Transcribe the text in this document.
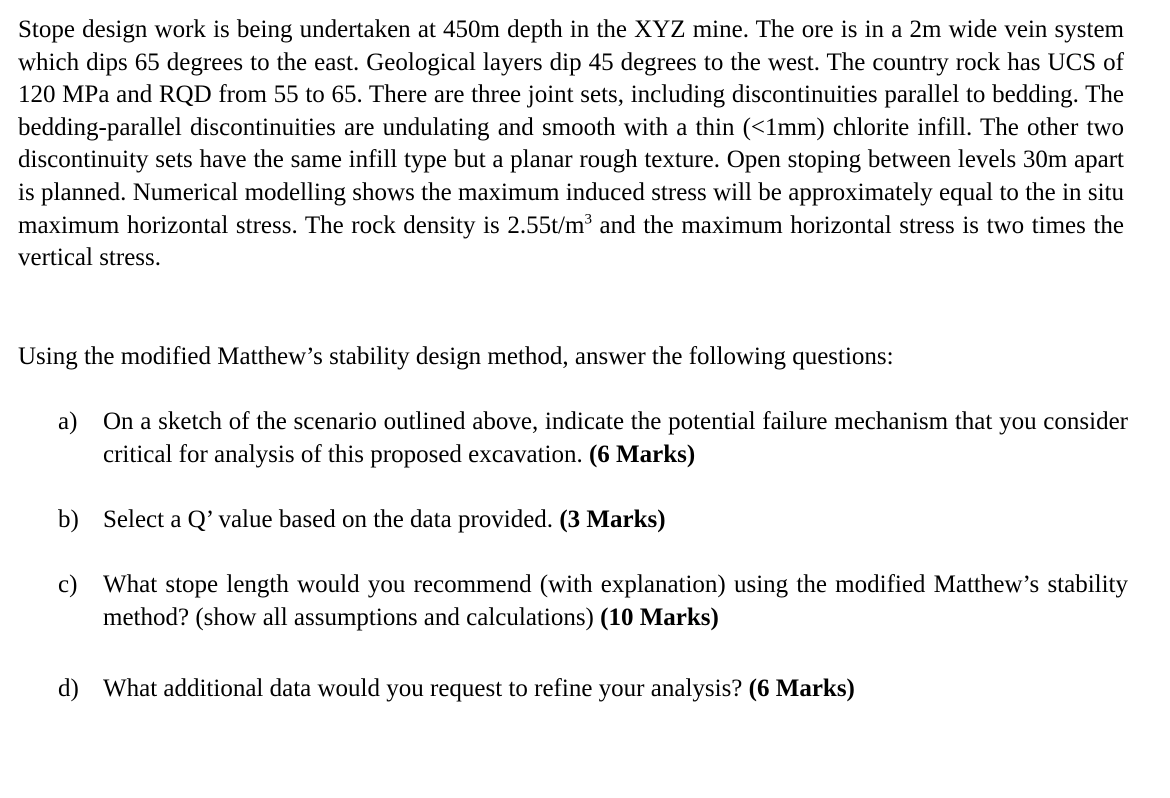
Stope design work is being undertaken at 450m depth in the XYZ mine. The ore is in a 2m wide vein system which dips 65 degrees to the east. Geological layers dip 45 degrees to the west. The country rock has UCS of 120 MPa and RQD from 55 to 65. There are three joint sets, including discontinuities parallel to bedding. The bedding-parallel discontinuities are undulating and smooth with a thin (<1mm) chlorite infill. The other two discontinuity sets have the same infill type but a planar rough texture. Open stoping between levels 30m apart is planned. Numerical modelling shows the maximum induced stress will be approximately equal to the in situ maximum horizontal stress. The rock density is $2.55t/m^3$ and the maximum horizontal stress is two times the vertical stress.
Using the modified Matthew’s stability design method, answer the following questions:
a) On a sketch of the scenario outlined above, indicate the potential failure mechanism that you consider critical for analysis of this proposed excavation. (6 Marks)
b) Select a Q’ value based on the data provided. (3 Marks)
c) What stope length would you recommend (with explanation) using the modified Matthew’s stability method? (show all assumptions and calculations) (10 Marks)
d) What additional data would you request to refine your analysis? (6 Marks)
